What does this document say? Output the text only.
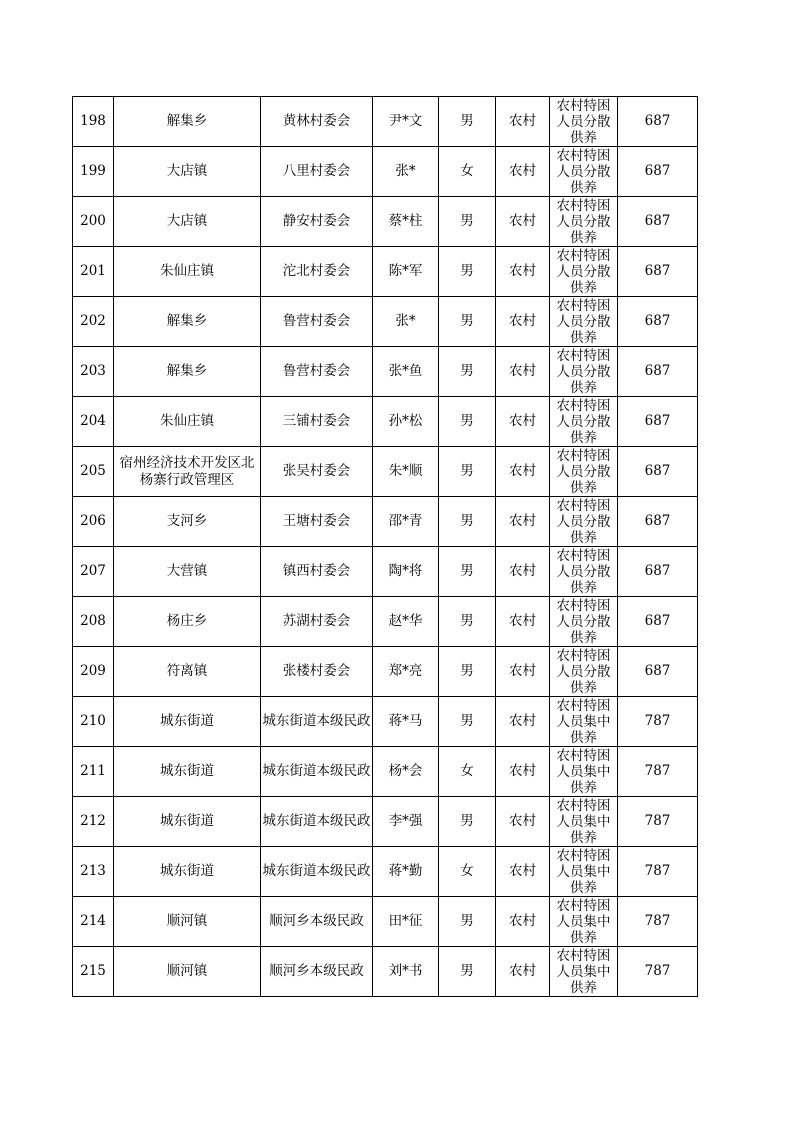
198	解集乡	黄林村委会	尹*文	男	农村	农村特困人员分散供养	687
199	大店镇	八里村委会	张*	女	农村	农村特困人员分散供养	687
200	大店镇	静安村委会	蔡*柱	男	农村	农村特困人员分散供养	687
201	朱仙庄镇	沱北村委会	陈*军	男	农村	农村特困人员分散供养	687
202	解集乡	鲁营村委会	张*	男	农村	农村特困人员分散供养	687
203	解集乡	鲁营村委会	张*鱼	男	农村	农村特困人员分散供养	687
204	朱仙庄镇	三铺村委会	孙*松	男	农村	农村特困人员分散供养	687
205	宿州经济技术开发区北杨寨行政管理区	张吴村委会	朱*顺	男	农村	农村特困人员分散供养	687
206	支河乡	王塘村委会	邵*青	男	农村	农村特困人员分散供养	687
207	大营镇	镇西村委会	陶*将	男	农村	农村特困人员分散供养	687
208	杨庄乡	苏湖村委会	赵*华	男	农村	农村特困人员分散供养	687
209	符离镇	张楼村委会	郑*亮	男	农村	农村特困人员分散供养	687
210	城东街道	城东街道本级民政	蒋*马	男	农村	农村特困人员集中供养	787
211	城东街道	城东街道本级民政	杨*会	女	农村	农村特困人员集中供养	787
212	城东街道	城东街道本级民政	李*强	男	农村	农村特困人员集中供养	787
213	城东街道	城东街道本级民政	蒋*勤	女	农村	农村特困人员集中供养	787
214	顺河镇	顺河乡本级民政	田*征	男	农村	农村特困人员集中供养	787
215	顺河镇	顺河乡本级民政	刘*书	男	农村	农村特困人员集中供养	787
